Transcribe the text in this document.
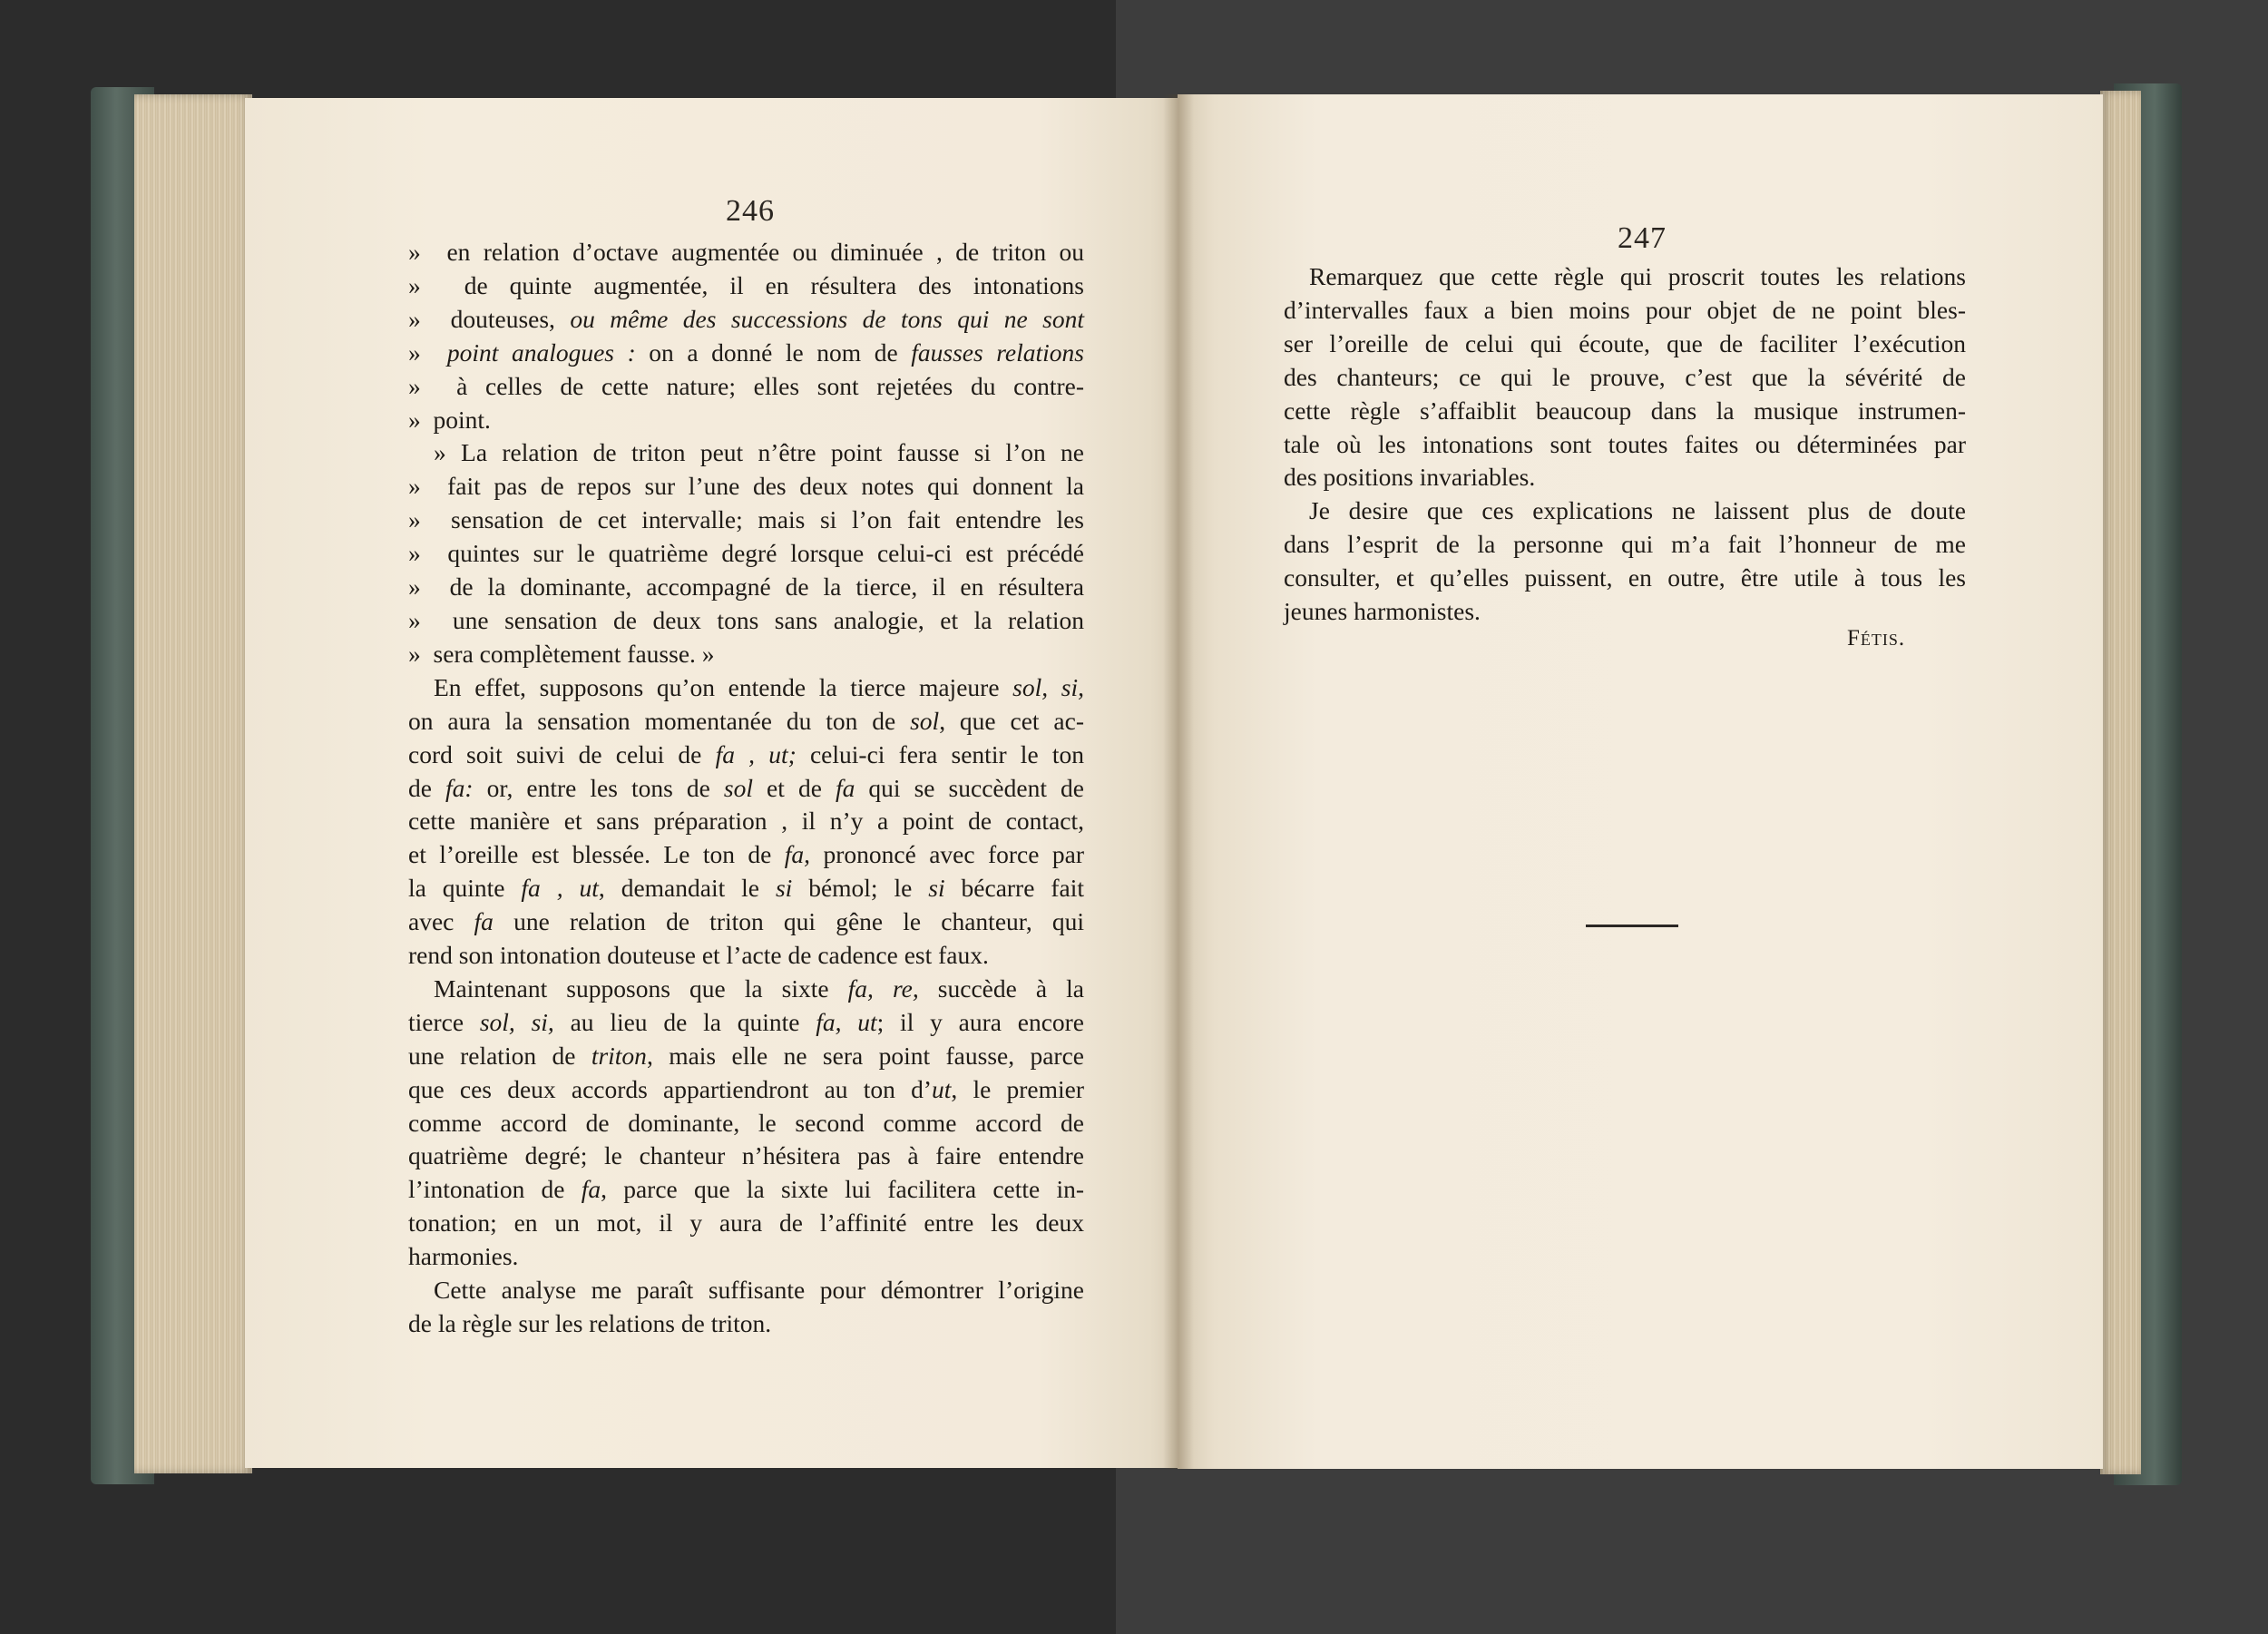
246
»  en relation d’octave augmentée ou diminuée , de triton ou
»  de quinte augmentée, il en résultera des intonations
»  douteuses, ou même des successions de tons qui ne sont
»  point analogues : on a donné le nom de fausses relations
»  à celles de cette nature; elles sont rejetées du contre-
»  point.
» La relation de triton peut n’être point fausse si l’on ne
»  fait pas de repos sur l’une des deux notes qui donnent la
»  sensation de cet intervalle; mais si l’on fait entendre les
»  quintes sur le quatrième degré lorsque celui-ci est précédé
»  de la dominante, accompagné de la tierce, il en résultera
»  une sensation de deux tons sans analogie, et la relation
»  sera complètement fausse. »
En effet, supposons qu’on entende la tierce majeure sol, si,
on aura la sensation momentanée du ton de sol, que cet ac-
cord soit suivi de celui de fa , ut; celui-ci fera sentir le ton
de fa: or, entre les tons de sol et de fa qui se succèdent de
cette manière et sans préparation , il n’y a point de contact,
et l’oreille est blessée. Le ton de fa, prononcé avec force par
la quinte fa , ut, demandait le si bémol; le si bécarre fait
avec fa une relation de triton qui gêne le chanteur, qui
rend son intonation douteuse et l’acte de cadence est faux.
Maintenant supposons que la sixte fa, re, succède à la
tierce sol, si, au lieu de la quinte fa, ut; il y aura encore
une relation de triton, mais elle ne sera point fausse, parce
que ces deux accords appartiendront au ton d’ut, le premier
comme accord de dominante, le second comme accord de
quatrième degré; le chanteur n’hésitera pas à faire entendre
l’intonation de fa, parce que la sixte lui facilitera cette in-
tonation; en un mot, il y aura de l’affinité entre les deux
harmonies.
Cette analyse me paraît suffisante pour démontrer l’origine
de la règle sur les relations de triton.
247
Remarquez que cette règle qui proscrit toutes les relations
d’intervalles faux a bien moins pour objet de ne point bles-
ser l’oreille de celui qui écoute, que de faciliter l’exécution
des chanteurs; ce qui le prouve, c’est que la sévérité de
cette règle s’affaiblit beaucoup dans la musique instrumen-
tale où les intonations sont toutes faites ou déterminées par
des positions invariables.
Je desire que ces explications ne laissent plus de doute
dans l’esprit de la personne qui m’a fait l’honneur de me
consulter, et qu’elles puissent, en outre, être utile à tous les
jeunes harmonistes.
Fétis.
